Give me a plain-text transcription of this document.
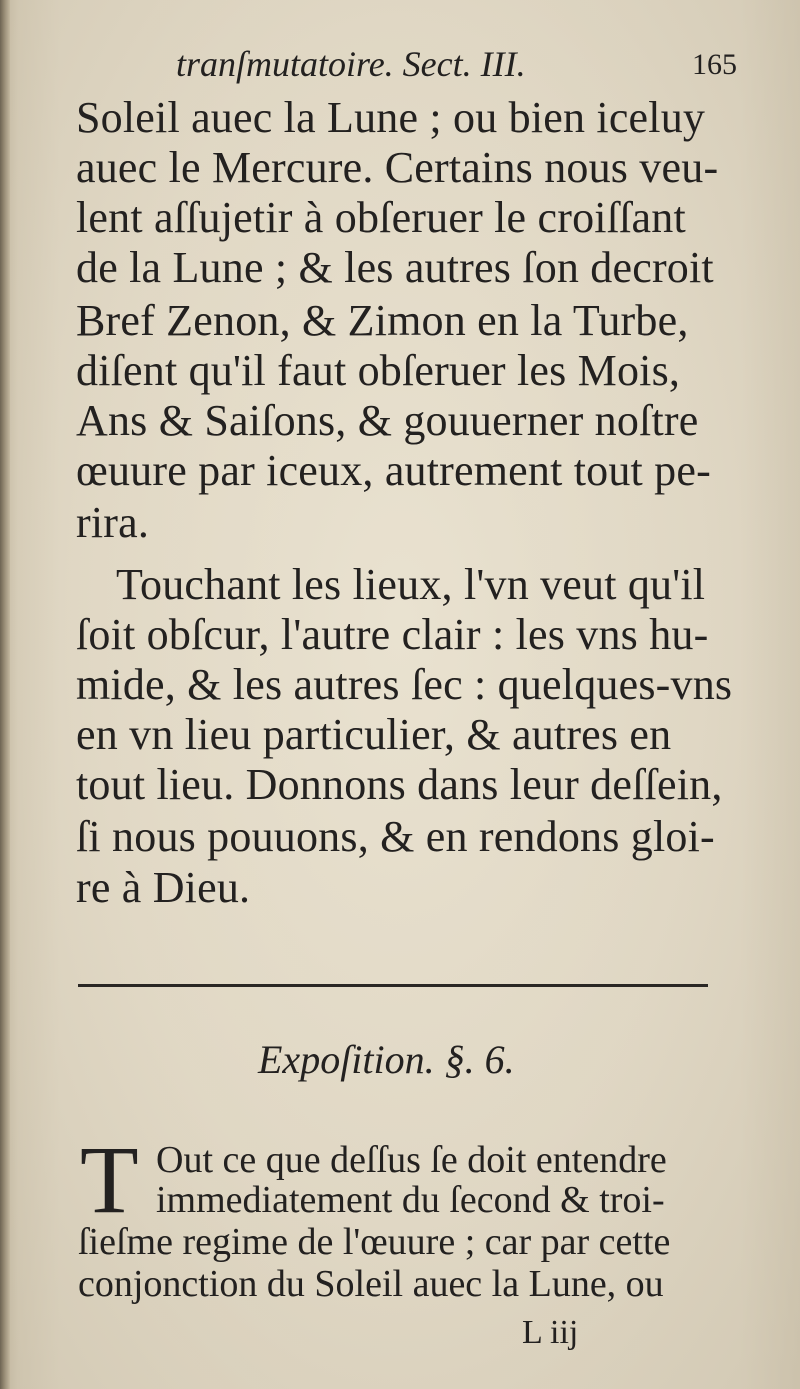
tranſmutatoire. Sect. III.	165
Soleil auec la Lune ; ou bien iceluy
auec le Mercure. Certains nous veu-
lent aſſujetir à obſeruer le croiſſant
de la Lune ; & les autres ſon decroit
Bref Zenon, & Zimon en la Turbe,
diſent qu'il faut obſeruer les Mois,
Ans & Saiſons, & gouuerner noſtre
œuure par iceux, autrement tout pe-
rira.
Touchant les lieux, l'vn veut qu'il
ſoit obſcur, l'autre clair : les vns hu-
mide, & les autres ſec : quelques-vns
en vn lieu particulier, & autres en
tout lieu. Donnons dans leur deſſein,
ſi nous pouuons, & en rendons gloi-
re à Dieu.
Expoſition. §. 6.
T Out ce que deſſus ſe doit entendre
immediatement du ſecond & troi-
ſieſme regime de l'œuure ; car par cette
conjonction du Soleil auec la Lune, ou
L iij
